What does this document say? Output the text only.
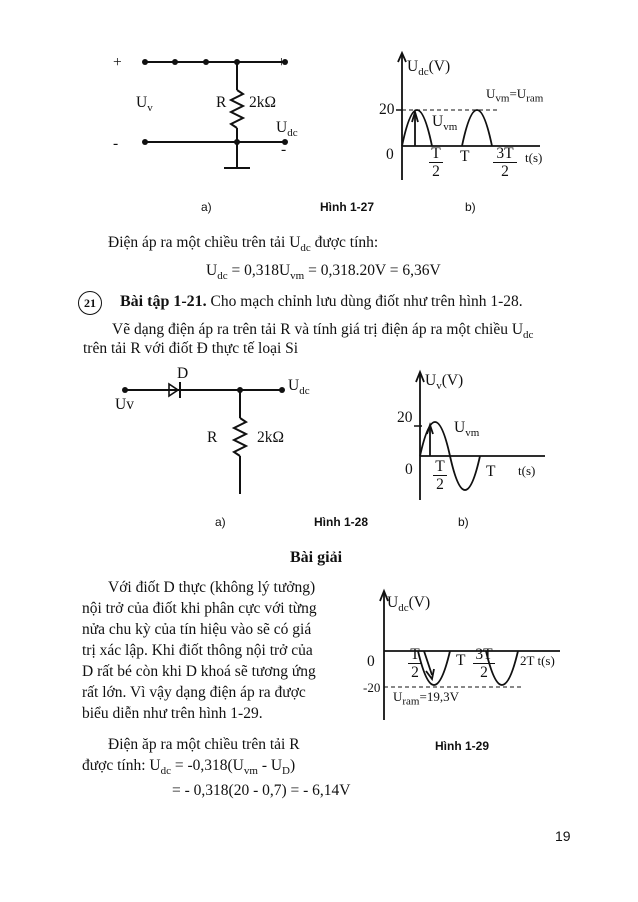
+	+
-	-
$U_v$	R 2kΩ
$U_{dc}$
$U_{dc}(V)$
20
0
$U_{vm}$
$U_{vm}=U_{ram}$
T
2
T 3T
2
t(s)
a)	Hình 1-27	b)
Điện áp ra một chiều trên tải $U_{dc}$ được tính:
$U_{dc} = 0,318U_{vm} = 0,318.20V = 6,36V$
21	Bài tập 1-21. Cho mạch chỉnh lưu dùng điốt như trên hình 1-28.
Vẽ dạng điện áp ra trên tải R và tính giá trị điện áp ra một chiều $U_{dc}$
trên tải R với điốt Đ thực tế loại Si
D
$U_{dc}$
Uv
R	2kΩ
$U_v(V)$
20
$U_{vm}$
0 T
2
T t(s)
a)	Hình 1-28	b)
Bài giải
Với điốt D thực (không lý tưởng)
nội trở của điốt khi phân cực với từng
nửa chu kỳ của tín hiệu vào sẽ có giá
trị xác lập. Khi điốt thông nội trở của
D rất bé còn khi D khoá sẽ tương ứng
rất lớn. Vì vậy dạng điện áp ra được
biểu diễn như trên hình 1-29.
Điện ăp ra một chiều trên tải R
được tính: $U_{dc} = -0,318(U_{vm} - U_D)$
= - 0,318(20 - 0,7) = - 6,14V
$U_{dc}(V)$
0
-20
T
2
T 3T
2
2T t(s)
$U_{ram}=19,3V$
Hình 1-29
19
